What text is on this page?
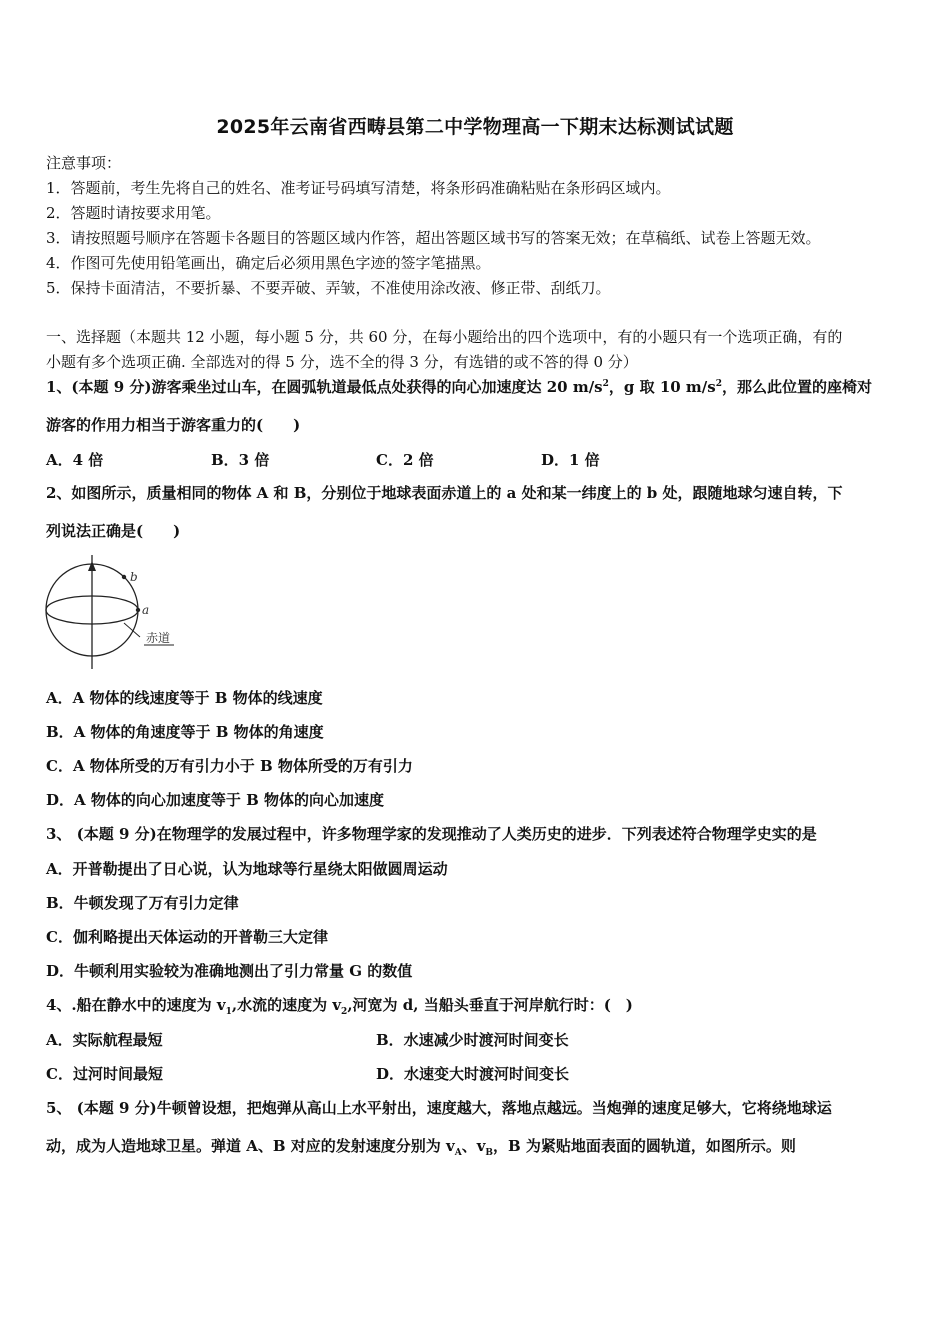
2025年云南省西畴县第二中学物理高一下期末达标测试试题
注意事项：
1．答题前，考生先将自己的姓名、准考证号码填写清楚，将条形码准确粘贴在条形码区域内。
2．答题时请按要求用笔。
3．请按照题号顺序在答题卡各题目的答题区域内作答，超出答题区域书写的答案无效；在草稿纸、试卷上答题无效。
4．作图可先使用铅笔画出，确定后必须用黑色字迹的签字笔描黑。
5．保持卡面清洁，不要折暴、不要弄破、弄皱，不准使用涂改液、修正带、刮纸刀。
一、选择题（本题共 12 小题，每小题 5 分，共 60 分，在每小题给出的四个选项中，有的小题只有一个选项正确，有的
小题有多个选项正确. 全部选对的得 5 分，选不全的得 3 分，有选错的或不答的得 0 分）
1、(本题 9 分)游客乘坐过山车，在圆弧轨道最低点处获得的向心加速度达 20 $m/s^2$，g 取 10 $m/s^2$，那么此位置的座椅对
游客的作用力相当于游客重力的(　　)
A．4 倍	B．3 倍	C．2 倍	D．1 倍
2、如图所示，质量相同的物体 A 和 B，分别位于地球表面赤道上的 a 处和某一纬度上的 b 处，跟随地球匀速自转，下
列说法正确是(　　)
b
a
赤道
A．A 物体的线速度等于 B 物体的线速度
B．A 物体的角速度等于 B 物体的角速度
C．A 物体所受的万有引力小于 B 物体所受的万有引力
D．A 物体的向心加速度等于 B 物体的向心加速度
3、 (本题 9 分)在物理学的发展过程中，许多物理学家的发现推动了人类历史的进步．下列表述符合物理学史实的是
A．开普勒提出了日心说，认为地球等行星绕太阳做圆周运动
B．牛顿发现了万有引力定律
C．伽利略提出天体运动的开普勒三大定律
D．牛顿利用实验较为准确地测出了引力常量 G 的数值
4、.船在静水中的速度为 $v_1$,水流的速度为 $v_2$,河宽为 d, 当船头垂直于河岸航行时：(　)
A．实际航程最短	B．水速减少时渡河时间变长
C．过河时间最短	D．水速变大时渡河时间变长
5、 (本题 9 分)牛顿曾设想，把炮弹从高山上水平射出，速度越大，落地点越远。当炮弹的速度足够大，它将绕地球运
动，成为人造地球卫星。弹道 A、B 对应的发射速度分别为 $v_A$、$v_B$，B 为紧贴地面表面的圆轨道，如图所示。则
